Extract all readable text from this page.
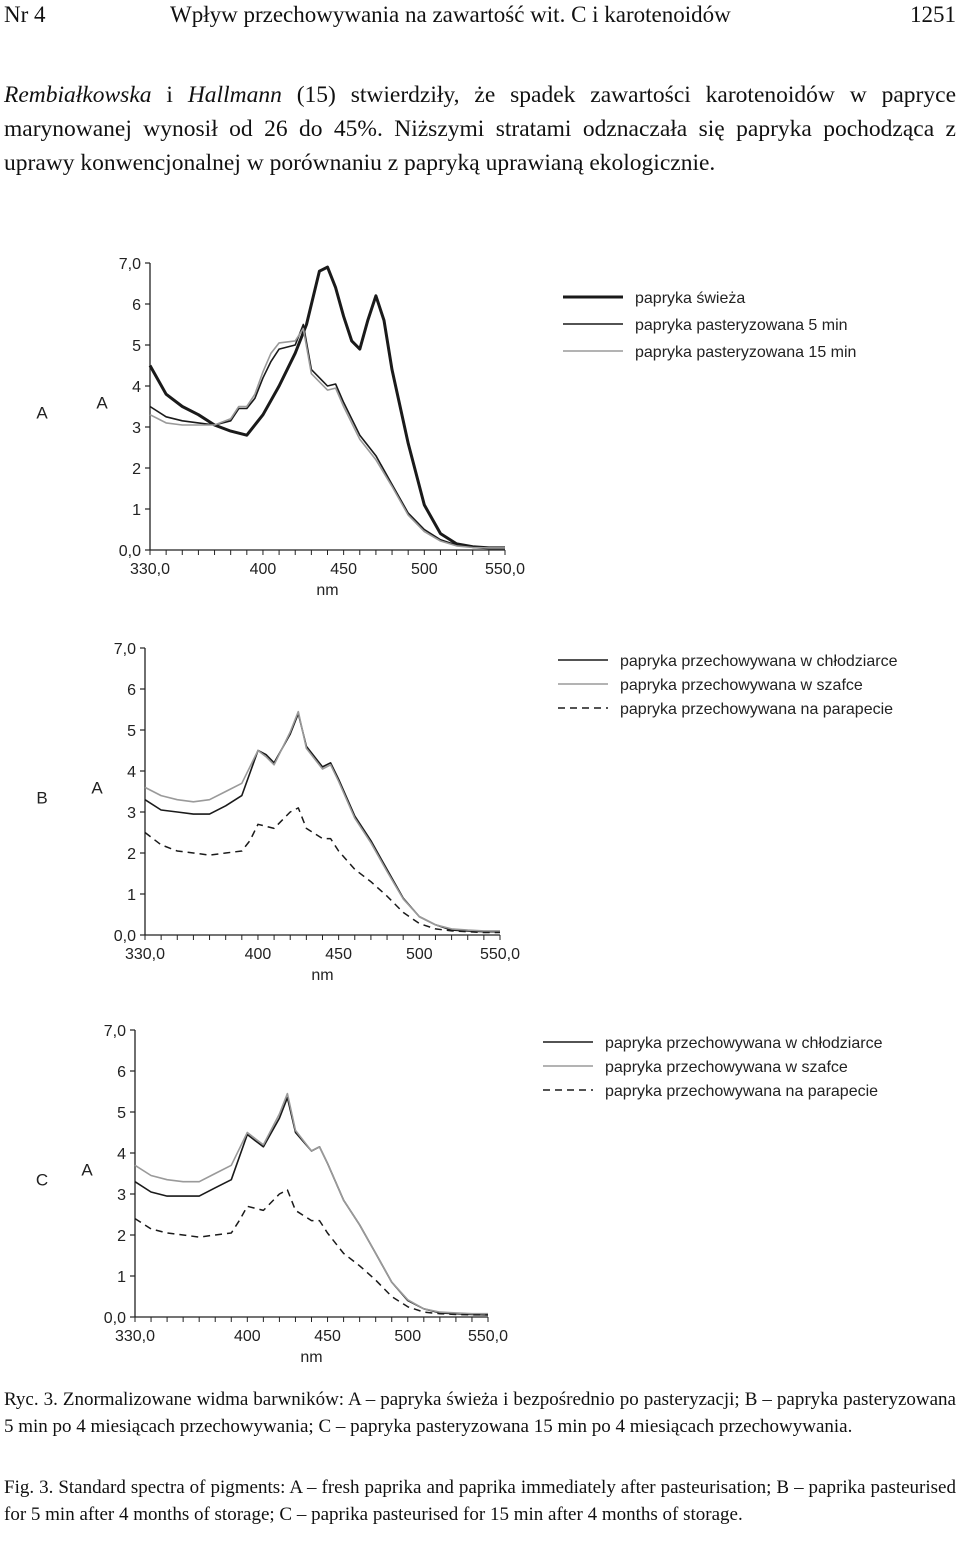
Nr 4	Wpływ przechowywania na zawartość wit. C i karotenoidów	1251
Rembiałkowska i Hallmann (15) stwierdziły, że spadek zawartości karotenoidów w papryce marynowanej wynosił od 26 do 45%. Niższymi stratami odznaczała się papryka pochodząca z uprawy konwencjonalnej w porównaniu z papryką uprawianą ekologicznie.
A
A
0,0
1
2
3
4
5
6
7,0
330,0	400	450	500	550,0
nm
papryka świeża
papryka pasteryzowana 5 min
papryka pasteryzowana 15 min
B
A
0,0
1
2
3
4
5
6
7,0
330,0	400	450	500	550,0
nm
papryka przechowywana w chłodziarce
papryka przechowywana w szafce
papryka przechowywana na parapecie
C
A
0,0
1
2
3
4
5
6
7,0
330,0	400	450	500	550,0
nm
papryka przechowywana w chłodziarce
papryka przechowywana w szafce
papryka przechowywana na parapecie
Ryc. 3. Znormalizowane widma barwników: A – papryka świeża i bezpośrednio po pasteryzacji; B – papryka pasteryzowana 5 min po 4 miesiącach przechowywania; C – papryka pasteryzowana 15 min po 4 miesiącach przechowywania.
Fig. 3. Standard spectra of pigments: A – fresh paprika and paprika immediately after pasteurisation; B – paprika pasteurised for 5 min after 4 months of storage; C – paprika pasteurised for 15 min after 4 months of storage.
